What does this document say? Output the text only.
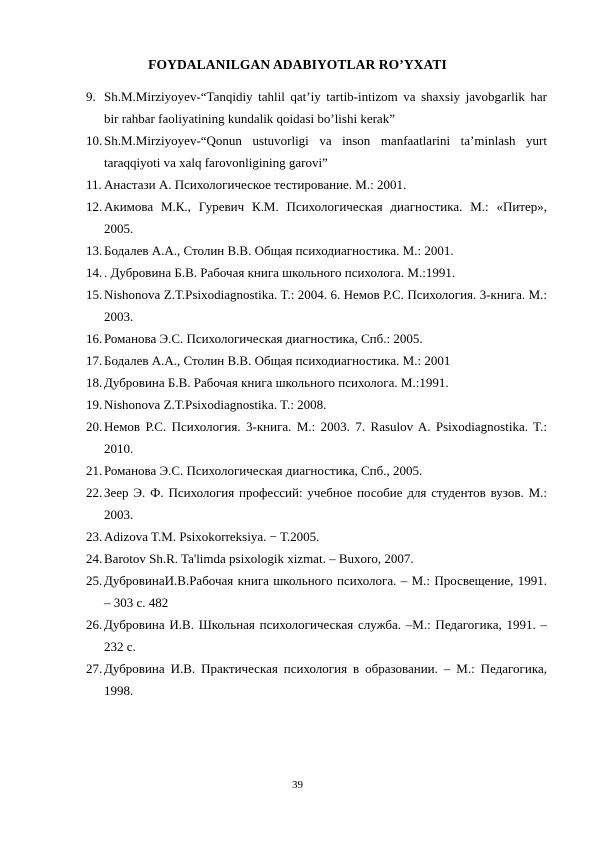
FOYDALANILGAN ADABIYOTLAR RO’YXATI
9. Sh.M.Mirziyoyev-“Tanqidiy tahlil qat’iy tartib-intizom va shaxsiy javobgarlik har bir rahbar faoliyatining kundalik qoidasi bo’lishi kerak”
10. Sh.M.Mirziyoyev-“Qonun ustuvorligi va inson manfaatlarini ta’minlash yurt taraqqiyoti va xalq farovonligining garovi”
11. Анастази А. Психологическое тестирование. М.: 2001.
12. Акимова М.К., Гуревич К.М. Психологическая диагностика. М.: «Питер», 2005.
13. Бодалев А.А., Столин В.В. Общая психодиагностика. М.: 2001.
14. . Дубровина Б.В. Рабочая книга школьного психолога. М.:1991.
15. Nishonova Z.T.Psixodiagnostika. T.: 2004. 6. Немов Р.С. Психология. 3-книга. М.: 2003.
16. Романова Э.С. Психологическая диагностика, Спб.: 2005.
17. Бодалев А.А., Столин В.В. Общая психодиагностика. М.: 2001
18. Дубровина Б.В. Рабочая книга школьного психолога. М.:1991.
19. Nishonova Z.T.Psixodiagnostika. T.: 2008.
20. Немов Р.С. Психология. 3-книга. М.: 2003. 7. Rasulov A. Psixodiagnostika. T.: 2010.
21. Романова Э.С. Психологическая диагностика, Спб., 2005.
22. Зеер Э. Ф. Психология профессий: учебное пособие для студентов вузов. М.: 2003.
23. Adizova T.M. Psixokorreksiya. − T.2005.
24. Barotov Sh.R. Ta'limda psixologik xizmat. – Buxoro, 2007.
25. ДубровинаИ.В.Рабочая книга школьного психолога. – М.: Просвещение, 1991. – 303 с. 482
26. Дубровина И.В. Школьная психологическая служба. –М.: Педагогика, 1991. – 232 с.
27. Дубровина И.В. Практическая психология в образовании. – М.: Педагогика, 1998.
39
